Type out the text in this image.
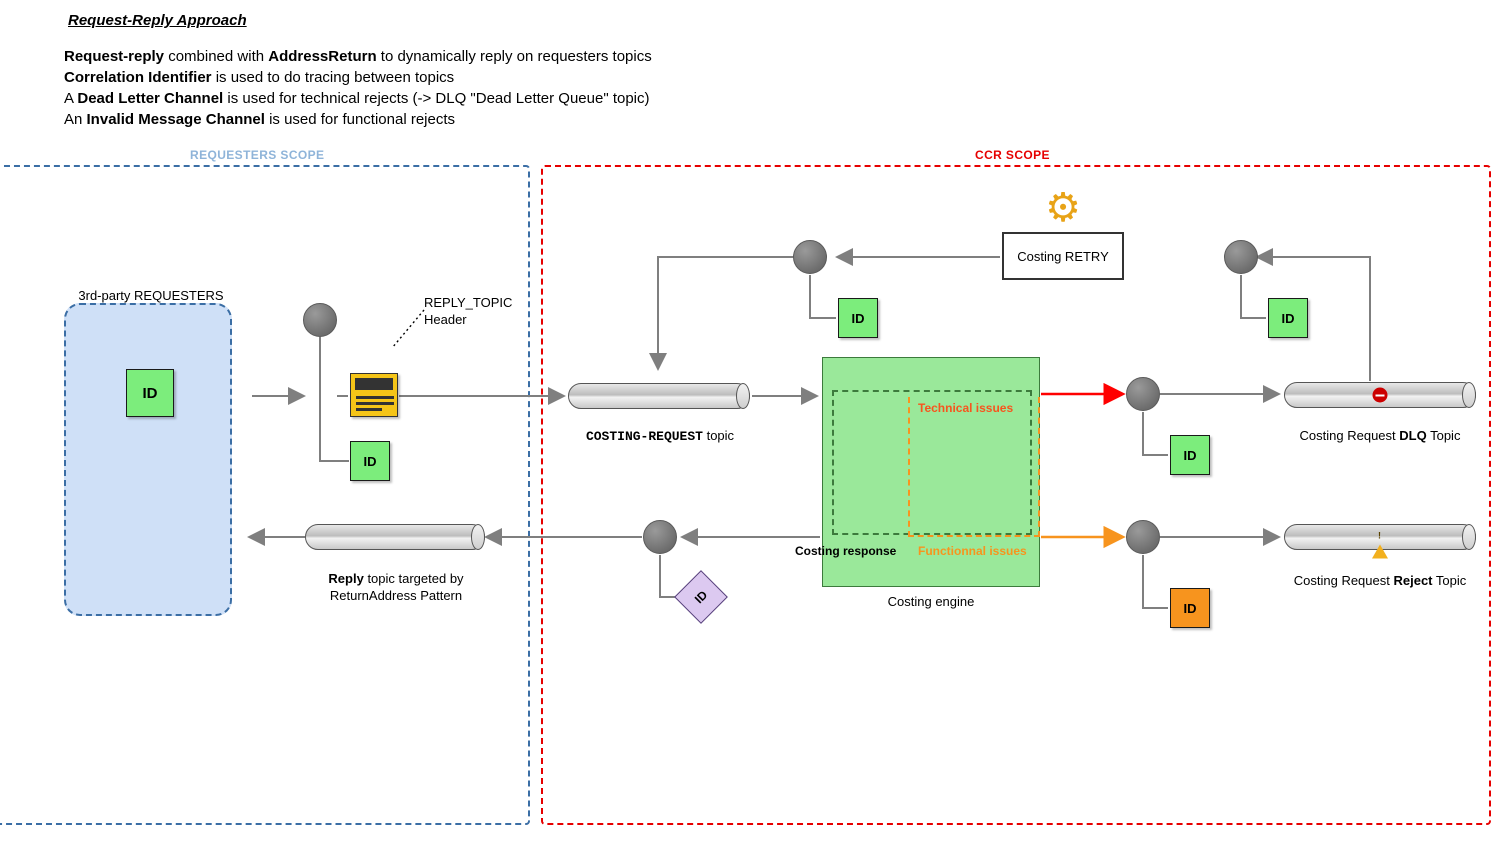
Request-Reply Approach
Request-reply combined with AddressReturn to dynamically reply on requesters topics
Correlation Identifier is used to do tracing between topics
A Dead Letter Channel is used for technical rejects (-> DLQ "Dead Letter Queue" topic)
An Invalid Message Channel is used for functional rejects
REQUESTERS SCOPE	CCR SCOPE
3rd-party REQUESTERS
ID
REPLY_TOPIC
Header
ID
COSTING-REQUEST topic
⚙
Costing RETRY
ID	ID
Technical issues
Functionnal issues
Costing response
Costing engine
ID
Costing Request DLQ Topic
ID
!
Costing Request Reject Topic
ID
Reply topic targeted by
ReturnAddress Pattern
